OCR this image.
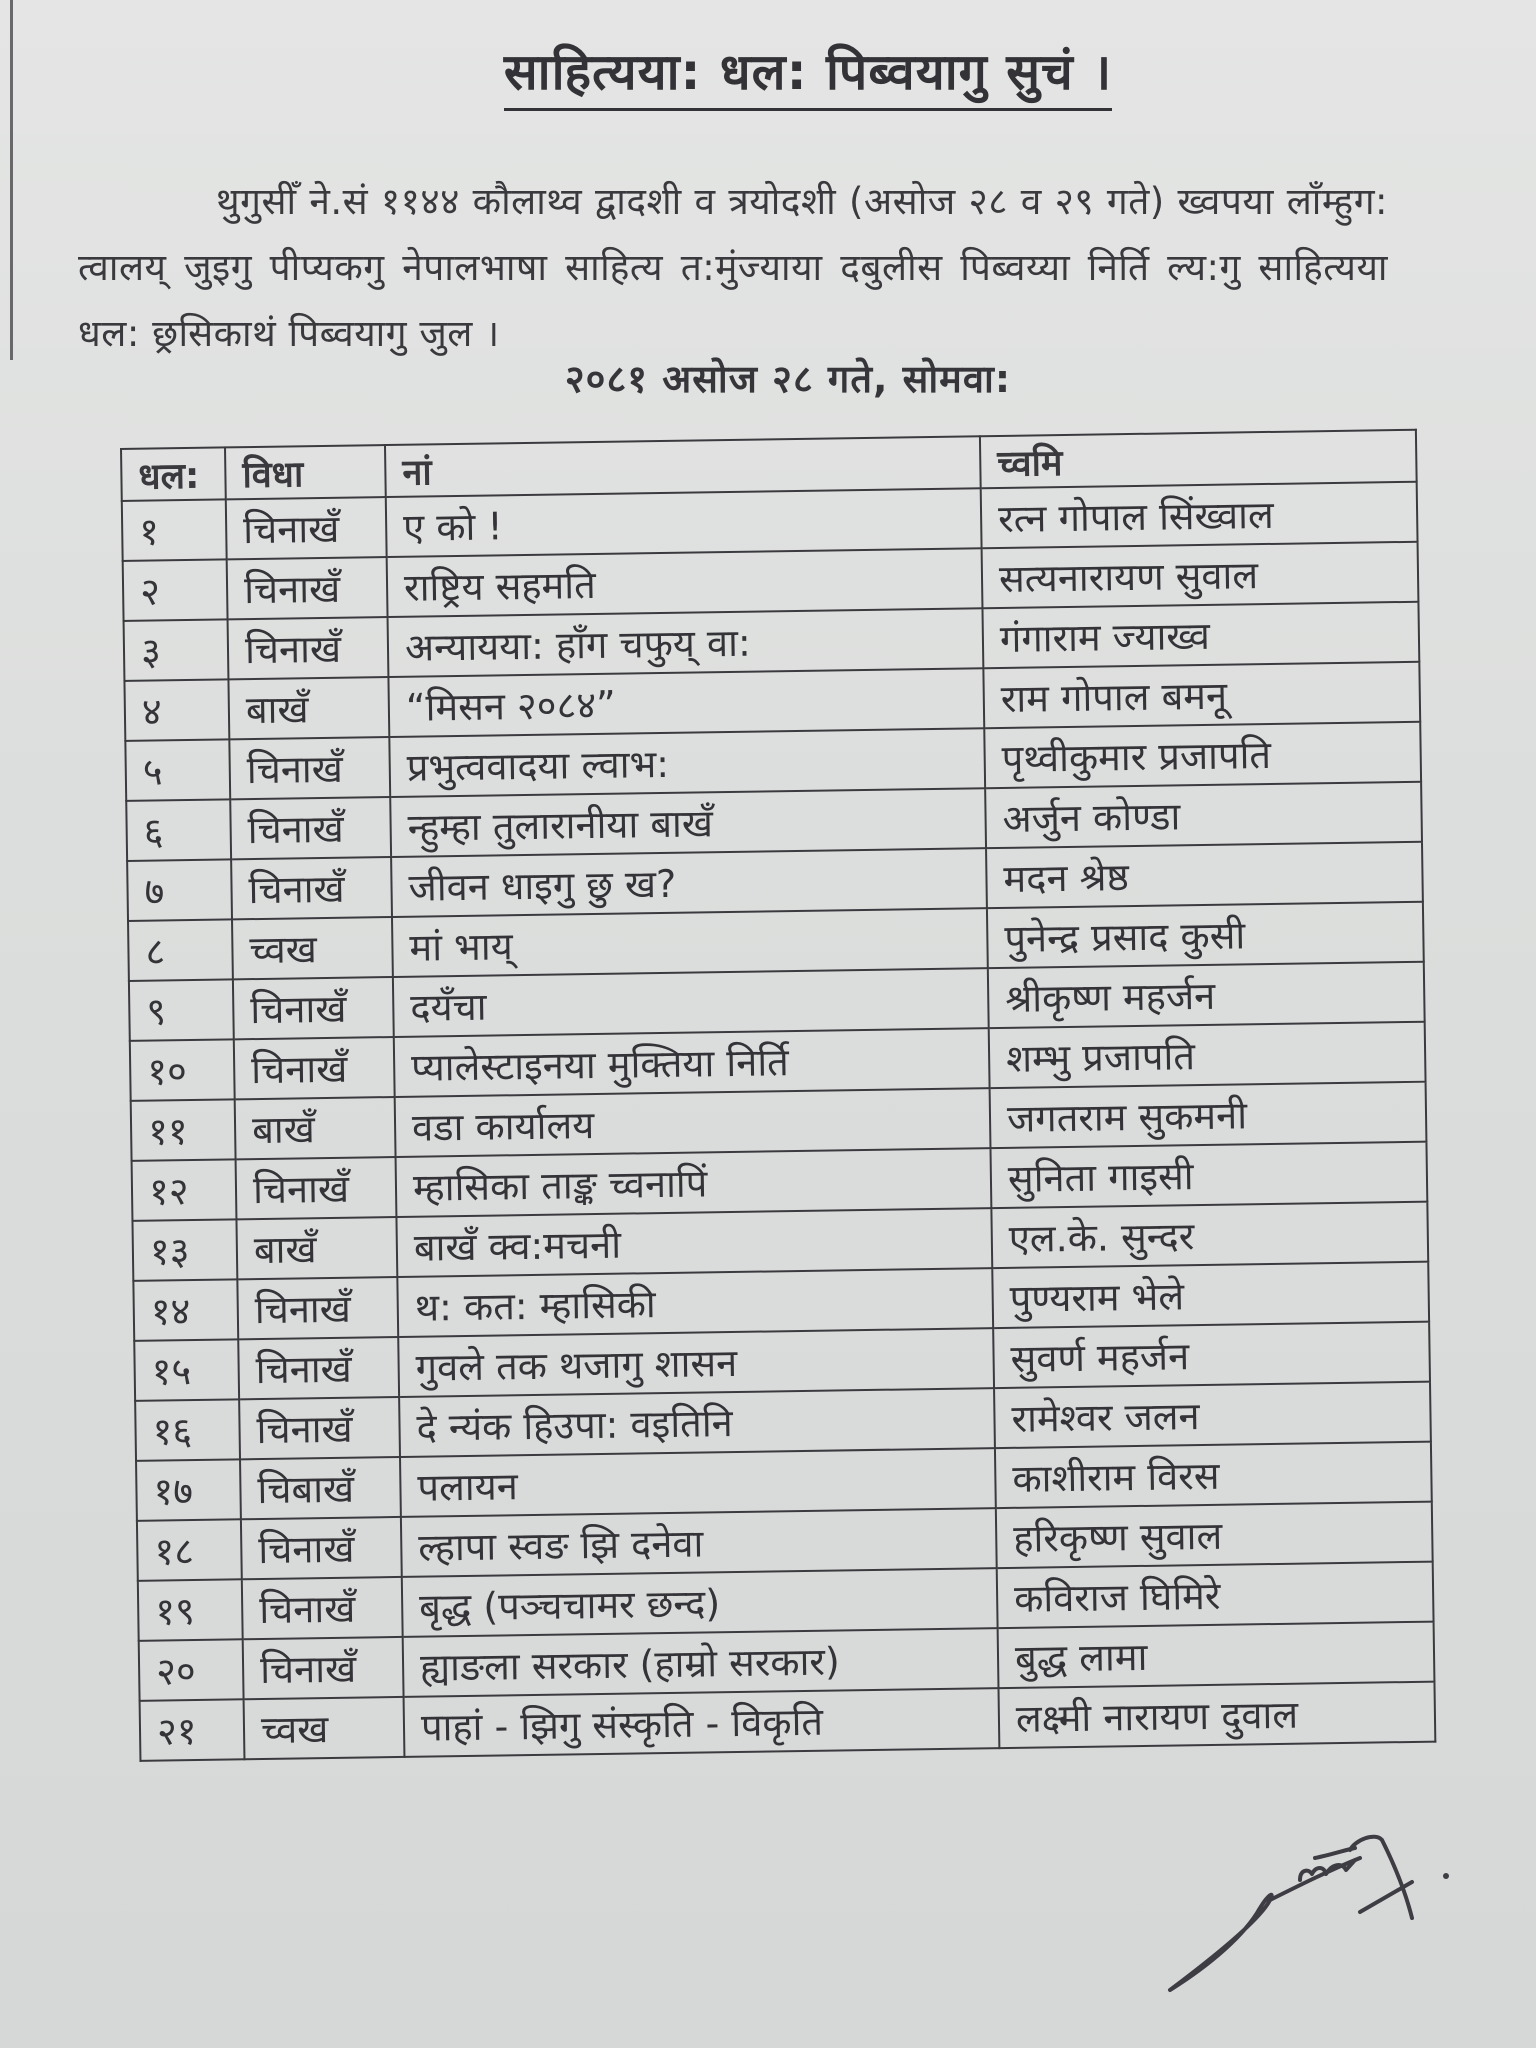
साहित्यया: धल: पिब्वयागु सुचं ।

थुगुसीँ ने.सं ११४४ कौलाथ्व द्वादशी व त्रयोदशी (असोज २८ व २९ गते) ख्वपया लाँम्हुग: त्वालय् जुइगु पीप्यकगु नेपालभाषा साहित्य त:मुंज्याया दबुलीस पिब्वय्या निर्ति ल्य:गु साहित्यया धल: छ्रसिकाथं पिब्वयागु जुल ।

२०८१ असोज २८ गते, सोमवा:
धल:	विधा	नां	च्वमि
१	चिनाखँ	ए को !	रत्न गोपाल सिंख्वाल
२	चिनाखँ	राष्ट्रिय सहमति	सत्यनारायण सुवाल
३	चिनाखँ	अन्यायया: हाँग चफुय् वा:	गंगाराम ज्याख्व
४	बाखँ	“मिसन २०८४”	राम गोपाल बमनू
५	चिनाखँ	प्रभुत्ववादया ल्वाभ:	पृथ्वीकुमार प्रजापति
६	चिनाखँ	न्हुम्हा तुलारानीया बाखँ	अर्जुन कोण्डा
७	चिनाखँ	जीवन धाइगु छु ख?	मदन श्रेष्ठ
८	च्वख	मां भाय्	पुनेन्द्र प्रसाद कुसी
९	चिनाखँ	दयँचा	श्रीकृष्ण महर्जन
१०	चिनाखँ	प्यालेस्टाइनया मुक्तिया निर्ति	शम्भु प्रजापति
११	बाखँ	वडा कार्यालय	जगतराम सुकमनी
१२	चिनाखँ	म्हासिका ताङ्क च्वनापिं	सुनिता गाइसी
१३	बाखँ	बाखँ क्व:मचनी	एल.के. सुन्दर
१४	चिनाखँ	थ: कत: म्हासिकी	पुण्यराम भेले
१५	चिनाखँ	गुवले तक थजागु शासन	सुवर्ण महर्जन
१६	चिनाखँ	दे न्यंक हिउपा: वइतिनि	रामेश्वर जलन
१७	चिबाखँ	पलायन	काशीराम विरस
१८	चिनाखँ	ल्हापा स्वङ झि दनेवा	हरिकृष्ण सुवाल
१९	चिनाखँ	बृद्ध (पञ्चचामर छन्द)	कविराज घिमिरे
२०	चिनाखँ	ह्याङला सरकार (हाम्रो सरकार)	बुद्ध लामा
२१	च्वख	पाहां - झिगु संस्कृति - विकृति	लक्ष्मी नारायण दुवाल
